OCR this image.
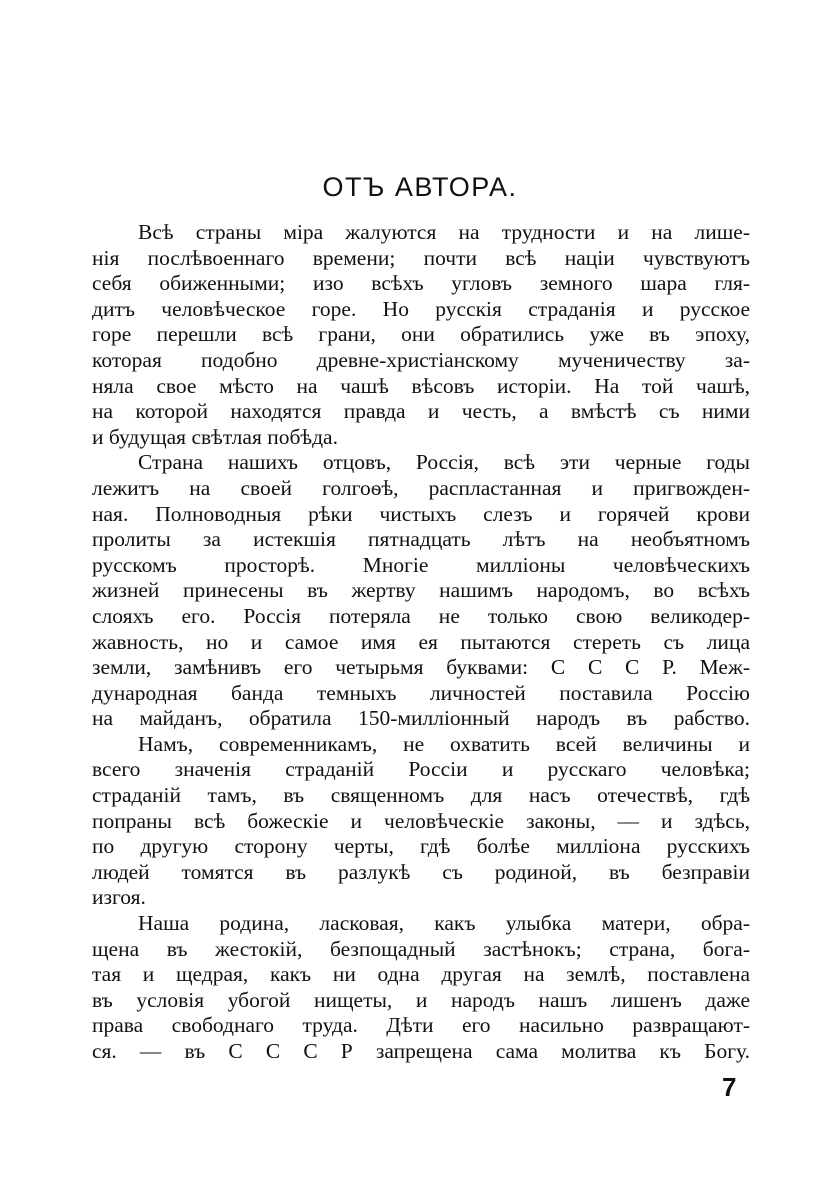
ОТЪ АВТОРА.

Всѣ страны міра жалуются на трудности и на лише-
нія послѣвоеннаго времени; почти всѣ націи чувствуютъ
себя обиженными; изо всѣхъ угловъ земного шара гля-
дитъ человѣческое горе. Но русскія страданія и русское
горе перешли всѣ грани, они обратились уже въ эпоху,
которая подобно древне-христіанскому мученичеству за-
няла свое мѣсто на чашѣ вѣсовъ исторіи. На той чашѣ,
на которой находятся правда и честь, а вмѣстѣ съ ними
и будущая свѣтлая побѣда.

Страна нашихъ отцовъ, Россія, всѣ эти черные годы
лежитъ на своей голгоѳѣ, распластанная и пригвожден-
ная. Полноводныя рѣки чистыхъ слезъ и горячей крови
пролиты за истекшія пятнадцать лѣтъ на необъятномъ
русскомъ просторѣ. Многіе милліоны человѣческихъ
жизней принесены въ жертву нашимъ народомъ, во всѣхъ
слояхъ его. Россія потеряла не только свою великодер-
жавность, но и самое имя ея пытаются стереть съ лица
земли, замѣнивъ его четырьмя буквами: С С С Р. Меж-
дународная банда темныхъ личностей поставила Россію
на майданъ, обратила 150-милліонный народъ въ рабство.

Намъ, современникамъ, не охватить всей величины и
всего значенія страданій Россіи и русскаго человѣка;
страданій тамъ, въ священномъ для насъ отечествѣ, гдѣ
попраны всѣ божескіе и человѣческіе законы, — и здѣсь,
по другую сторону черты, гдѣ болѣе милліона русскихъ
людей томятся въ разлукѣ съ родиной, въ безправіи
изгоя.

Наша родина, ласковая, какъ улыбка матери, обра-
щена въ жестокій, безпощадный застѣнокъ; страна, бога-
тая и щедрая, какъ ни одна другая на землѣ, поставлена
въ условія убогой нищеты, и народъ нашъ лишенъ даже
права свободнаго труда. Дѣти его насильно развращают-
ся. — въ С С С Р запрещена сама молитва къ Богу.

7
